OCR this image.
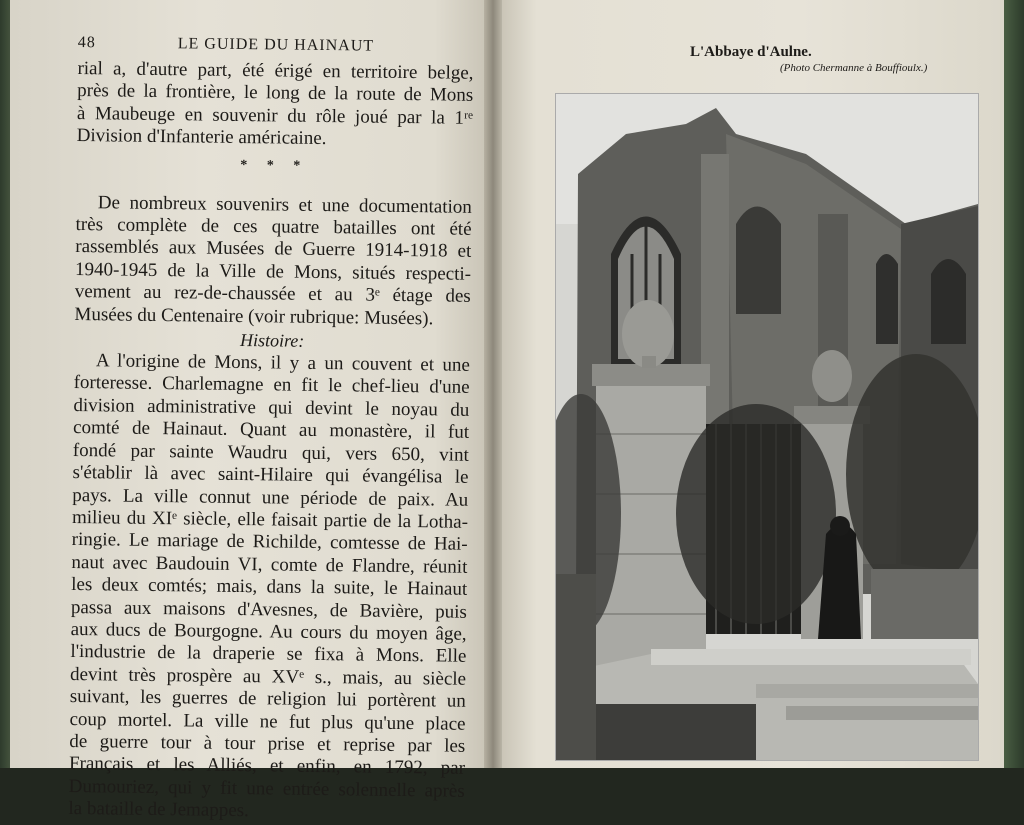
48	LE GUIDE DU HAINAUT
rial a, d'autre part, été érigé en territoire belge,
près de la frontière, le long de la route de Mons
à Maubeuge en souvenir du rôle joué par la 1ʳᵉ
Division d'Infanterie américaine.
* * *
De nombreux souvenirs et une documentation
très complète de ces quatre batailles ont été
rassemblés aux Musées de Guerre 1914-1918 et
1940-1945 de la Ville de Mons, situés respecti-
vement au rez-de-chaussée et au 3ᵉ étage des
Musées du Centenaire (voir rubrique: Musées).
Histoire:
A l'origine de Mons, il y a un couvent et une
forteresse. Charlemagne en fit le chef-lieu d'une
division administrative qui devint le noyau du
comté de Hainaut. Quant au monastère, il fut
fondé par sainte Waudru qui, vers 650, vint
s'établir là avec saint-Hilaire qui évangélisa le
pays. La ville connut une période de paix. Au
milieu du XIᵉ siècle, elle faisait partie de la Lotha-
ringie. Le mariage de Richilde, comtesse de Hai-
naut avec Baudouin VI, comte de Flandre, réunit
les deux comtés; mais, dans la suite, le Hainaut
passa aux maisons d'Avesnes, de Bavière, puis
aux ducs de Bourgogne. Au cours du moyen âge,
l'industrie de la draperie se fixa à Mons. Elle
devint très prospère au XVᵉ s., mais, au siècle
suivant, les guerres de religion lui portèrent un
coup mortel. La ville ne fut plus qu'une place
de guerre tour à tour prise et reprise par les
Français et les Alliés, et enfin, en 1792, par
Dumouriez, qui y fit une entrée solennelle après
la bataille de Jemappes.
L'Abbaye d'Aulne.
(Photo Chermanne à Bouffioulx.)
